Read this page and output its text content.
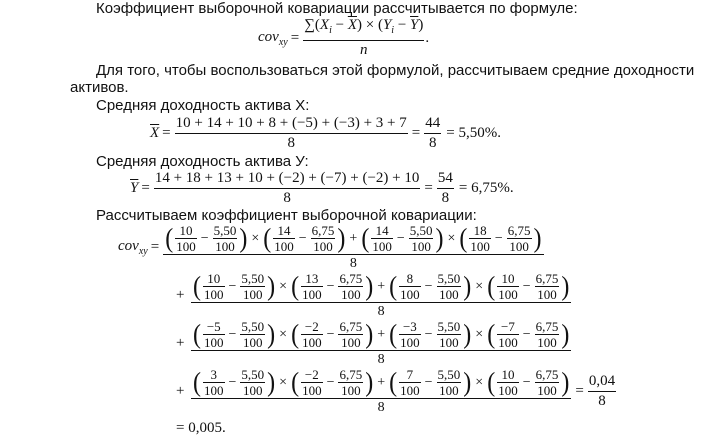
Коэффициент выборочной ковариации рассчитывается по формуле:
$cov_{xy} = \frac{\sum(X_i - \overline{X}) \times (Y_i - \overline{Y})}{n}$ .
Для того, чтобы воспользоваться этой формулой, рассчитываем средние доходности
активов.
Средняя доходность актива X:
$\overline{X} = \frac{10 + 14 + 10 + 8 + (-5) + (-3) + 3 + 7}{8} = \frac{44}{8} = 5,50\%$.
Средняя доходность актива У:
$\overline{Y} = \frac{14 + 18 + 13 + 10 + (-2) + (-7) + (-2) + 10}{8} = \frac{54}{8} = 6,75\%$.
Рассчитываем коэффициент выборочной ковариации:
cov$_{xy}$ = ( $\frac{10}{100} - \frac{5,50}{100}$ ) × ( $\frac{14}{100} - \frac{6,75}{100}$ ) + ( $\frac{14}{100} - \frac{5,50}{100}$ ) × ( $\frac{18}{100} - \frac{6,75}{100}$ )
8
+ ( $\frac{10}{100} - \frac{5,50}{100}$ ) × ( $\frac{13}{100} - \frac{6,75}{100}$ ) + ( $\frac{8}{100} - \frac{5,50}{100}$ ) × ( $\frac{10}{100} - \frac{6,75}{100}$ )
8
+ ( $\frac{-5}{100} - \frac{5,50}{100}$ ) × ( $\frac{-2}{100} - \frac{6,75}{100}$ ) + ( $\frac{-3}{100} - \frac{5,50}{100}$ ) × ( $\frac{-7}{100} - \frac{6,75}{100}$ )
8
+ ( $\frac{3}{100} - \frac{5,50}{100}$ ) × ( $\frac{-2}{100} - \frac{6,75}{100}$ ) + ( $\frac{7}{100} - \frac{5,50}{100}$ ) × ( $\frac{10}{100} - \frac{6,75}{100}$ )
8
= $\frac{0,04}{8}$
= 0,005.
